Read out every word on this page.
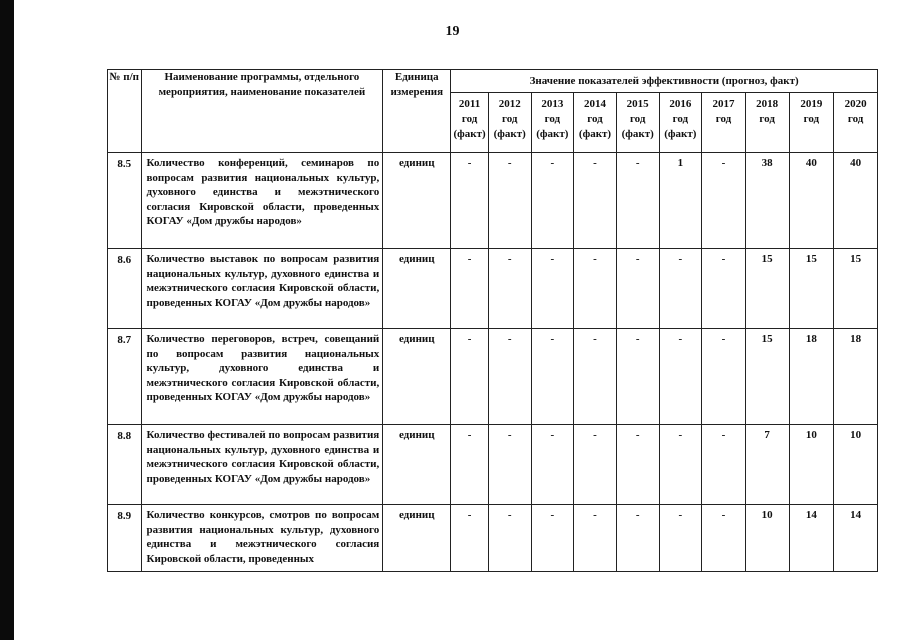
19
№ п/п	Наименование программы, отдельного мероприятия, наименование показателей	Единица измерения	Значение показателей эффективности (прогноз, факт)									

			2011
год
(факт)	2012
год
(факт)	2013
год
(факт)	2014
год
(факт)	2015
год
(факт)	2016
год
(факт)	2017
год	2018
год	2019
год	2020
год

8.5	Количество конференций, семинаров по вопросам развития национальных культур, духовного единства и межэтнического согласия Кировской области, проведенных КОГАУ «Дом дружбы народов»	единиц	-	-	-	-	-	1	-	38	40	40
8.6	Количество выставок по вопросам развития национальных культур, духовного единства и межэтнического согласия Кировской области, проведенных КОГАУ «Дом дружбы народов»	единиц	-	-	-	-	-	-	-	15	15	15
8.7	Количество переговоров, встреч, совещаний по вопросам развития национальных культур, духовного единства и межэтнического согласия Кировской области, проведенных КОГАУ «Дом дружбы народов»	единиц	-	-	-	-	-	-	-	15	18	18
8.8	Количество фестивалей по вопросам развития национальных культур, духовного единства и межэтнического согласия Кировской области, проведенных КОГАУ «Дом дружбы народов»	единиц	-	-	-	-	-	-	-	7	10	10
8.9	Количество конкурсов, смотров по вопросам развития национальных культур, духовного единства и межэтнического согласия Кировской области, проведенных	единиц	-	-	-	-	-	-	-	10	14	14
